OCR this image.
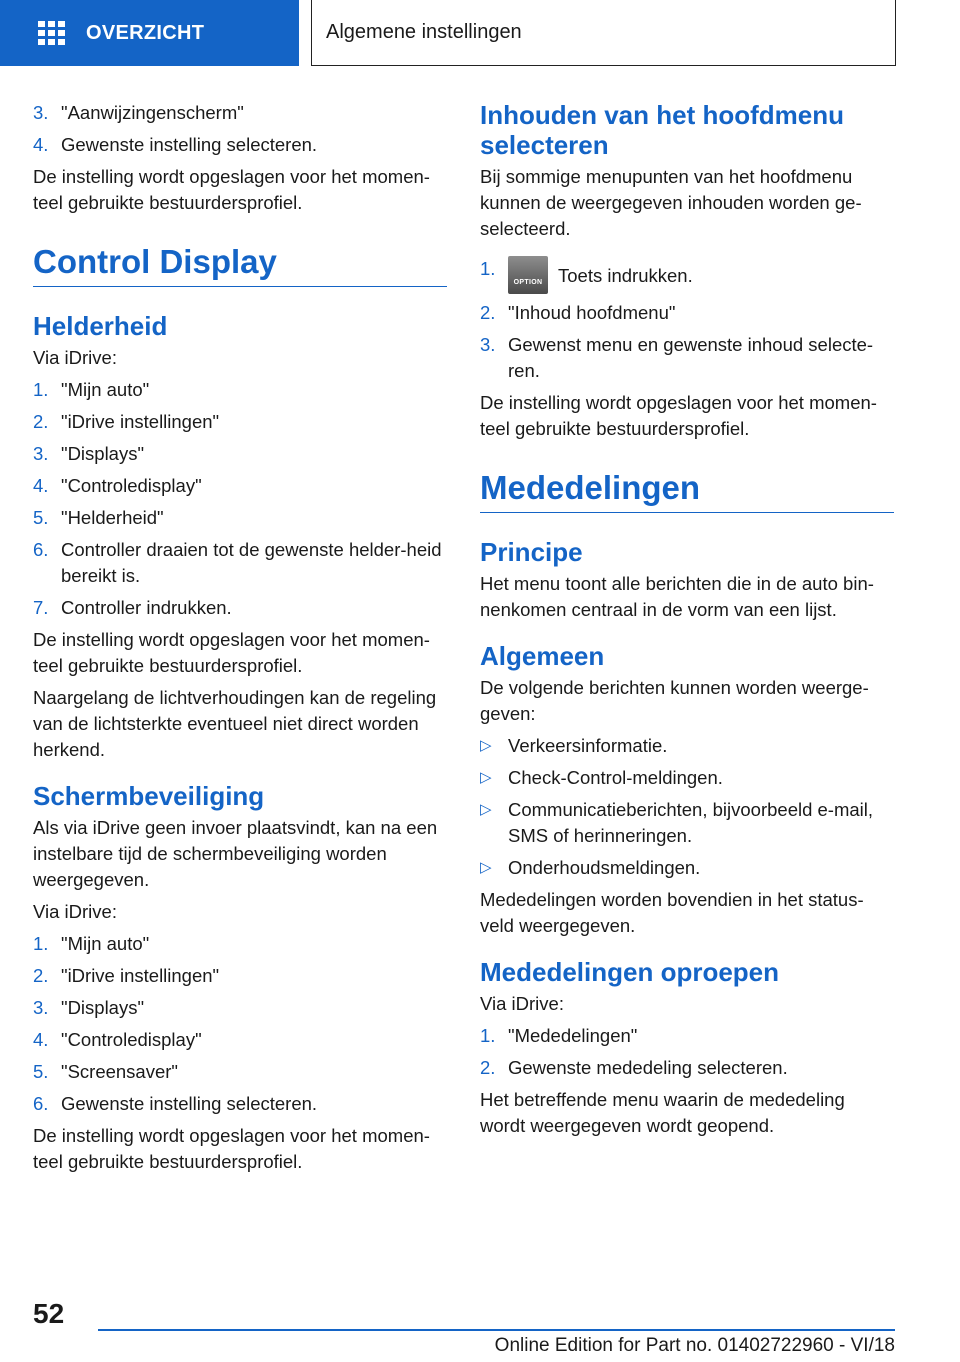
OVERZICHT	Algemene instellingen
3. "Aanwijzingenscherm"
4. Gewenste instelling selecteren.

De instelling wordt opgeslagen voor het momen‐teel gebruikte bestuurdersprofiel.

Control Display
Helderheid

Via iDrive:

1. "Mijn auto"
2. "iDrive instellingen"
3. "Displays"
4. "Controledisplay"
5. "Helderheid"
6. Controller draaien tot de gewenste helder‐heid bereikt is.
7. Controller indrukken.

De instelling wordt opgeslagen voor het momen‐teel gebruikte bestuurdersprofiel.

Naargelang de lichtverhoudingen kan de regeling van de lichtsterkte eventueel niet direct worden herkend.

Schermbeveiliging

Als via iDrive geen invoer plaatsvindt, kan na een instelbare tijd de schermbeveiliging worden weergegeven.

Via iDrive:

1. "Mijn auto"
2. "iDrive instellingen"
3. "Displays"
4. "Controledisplay"
5. "Screensaver"
6. Gewenste instelling selecteren.

De instelling wordt opgeslagen voor het momen‐teel gebruikte bestuurdersprofiel.

Inhouden van het hoofdmenu selecteren

Bij sommige menupunten van het hoofdmenu kunnen de weergegeven inhouden worden ge‐selecteerd.

1.
OPTION Toets indrukken.
2. "Inhoud hoofdmenu"
3. Gewenst menu en gewenste inhoud selecte‐ren.

De instelling wordt opgeslagen voor het momen‐teel gebruikte bestuurdersprofiel.

Mededelingen
Principe

Het menu toont alle berichten die in de auto bin‐nenkomen centraal in de vorm van een lijst.

Algemeen

De volgende berichten kunnen worden weerge‐geven:

▷ Verkeersinformatie.
▷ Check-Control-meldingen.
▷ Communicatieberichten, bijvoorbeeld e-mail, SMS of herinneringen.
▷ Onderhoudsmeldingen.

Mededelingen worden bovendien in het status‐veld weergegeven.

Mededelingen oproepen

Via iDrive:

1. "Mededelingen"
2. Gewenste mededeling selecteren.

Het betreffende menu waarin de mededeling wordt weergegeven wordt geopend.

52
Online Edition for Part no. 01402722960 - VI/18
